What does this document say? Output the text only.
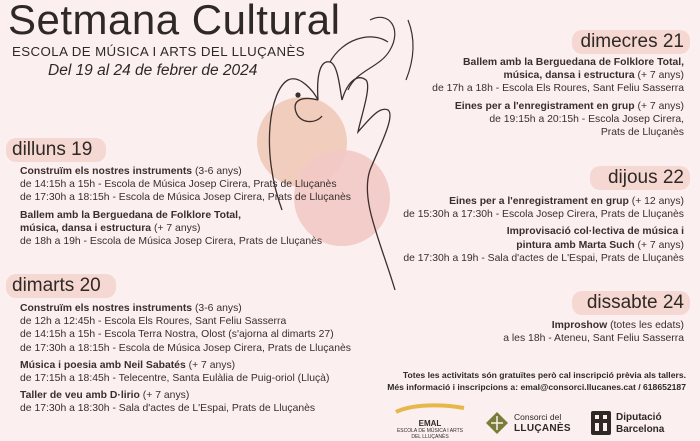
Setmana Cultural
ESCOLA DE MÚSICA I ARTS DEL LLUÇANÈS
Del 19 al 24 de febrer de 2024
dilluns 19
Construïm els nostres instruments (3-6 anys)
de 14:15h a 15h - Escola de Música Josep Cirera, Prats de Lluçanès
de 17:30h a 18:15h - Escola de Música Josep Cirera, Prats de Lluçanès
Ballem amb la Berguedana de Folklore Total,
música, dansa i estructura (+ 7 anys)
de 18h a 19h - Escola de Música Josep Cirera, Prats de Lluçanès
dimarts 20
Construïm els nostres instruments (3-6 anys)
de 12h a 12:45h - Escola Els Roures, Sant Feliu Sasserra
de 14:15h a 15h - Escola Terra Nostra, Olost (s'ajorna al dimarts 27)
de 17:30h a 18:15h - Escola de Música Josep Cirera, Prats de Lluçanès
Música i poesia amb Neil Sabatés (+ 7 anys)
de 17:15h a 18:45h - Telecentre, Santa Eulàlia de Puig-oriol (Lluçà)
Taller de veu amb D·lirio (+ 7 anys)
de 17:30h a 18:30h - Sala d'actes de L'Espai, Prats de Lluçanès
dimecres 21
Ballem amb la Berguedana de Folklore Total,
música, dansa i estructura (+ 7 anys)
de 17h a 18h - Escola Els Roures, Sant Feliu Sasserra
Eines per a l'enregistrament en grup (+ 7 anys)
de 19:15h a 20:15h - Escola Josep Cirera,
Prats de Lluçanès
dijous 22
Eines per a l'enregistrament en grup (+ 12 anys)
de 15:30h a 17:30h - Escola Josep Cirera, Prats de Lluçanès
Improvisació col·lectiva de música i
pintura amb Marta Such (+ 7 anys)
de 17:30h a 19h - Sala d'actes de L'Espai, Prats de Lluçanès
dissabte 24
Improshow (totes les edats)
a les 18h - Ateneu, Sant Feliu Sasserra
Totes les activitats són gratuïtes però cal inscripció prèvia als tallers.
Més informació i inscripcions a: emal@consorci.llucanes.cat / 618652187
EMAL
ESCOLA DE MÚSICA I ARTS
DEL LLUÇANÈS
Consorci del
LLUÇANÈS
Diputació
Barcelona
